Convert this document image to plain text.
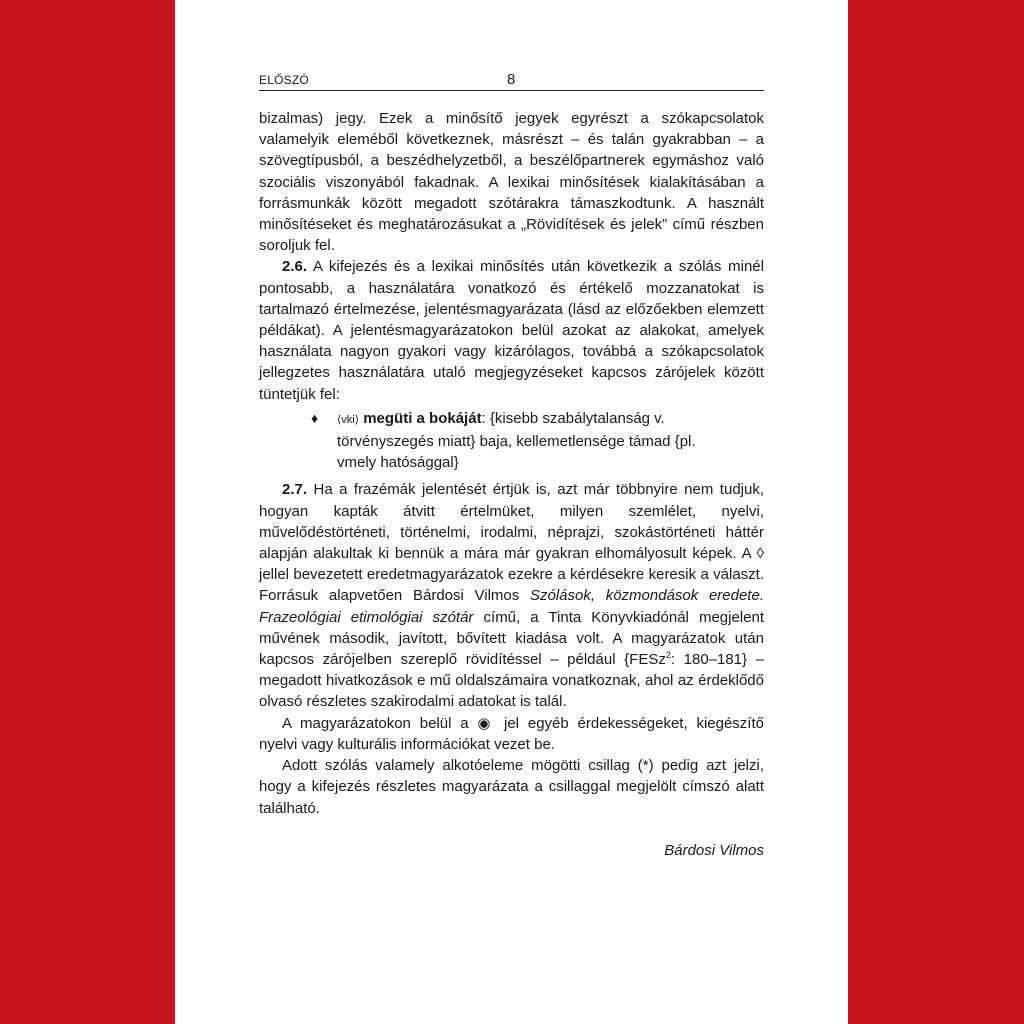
ELŐSZÓ	8

bizalmas) jegy. Ezek a minősítő jegyek egyrészt a szókapcsolatok valamelyik eleméből következnek, másrészt – és talán gyakrabban – a szövegtípusból, a beszédhelyzetből, a beszélőpartnerek egymáshoz való szociális viszonyából fakadnak. A lexikai minősítések kialakításában a forrásmunkák között megadott szótárakra támaszkodtunk. A használt minősítéseket és meghatározásukat a „Rövidítések és jelek” című részben soroljuk fel.

2.6. A kifejezés és a lexikai minősítés után következik a szólás minél pontosabb, a használatára vonatkozó és értékelő mozzanatokat is tartalmazó értelmezése, jelentésmagyarázata (lásd az előzőekben elemzett példákat). A jelentésmagyarázatokon belül azokat az alakokat, amelyek használata nagyon gyakori vagy kizárólagos, továbbá a szókapcsolatok jellegzetes használatára utaló megjegyzéseket kapcsos zárójelek között tüntetjük fel:

♦ ⟨vki⟩ megüti a bokáját: {kisebb szabálytalanság v. törvényszegés miatt} baja, kellemetlensége támad {pl. vmely hatósággal}

2.7. Ha a frazémák jelentését értjük is, azt már többnyire nem tudjuk, hogyan kapták átvitt értelmüket, milyen szemlélet, nyelvi, művelődéstörténeti, történelmi, irodalmi, néprajzi, szokástörténeti háttér alapján alakultak ki bennük a mára már gyakran elhomályosult képek. A ◊ jellel bevezetett eredetmagyarázatok ezekre a kérdésekre keresik a választ. Forrásuk alapvetően Bárdosi Vilmos Szólások, közmondások eredete. Frazeológiai etimológiai szótár című, a Tinta Könyvkiadónál megjelent művének második, javított, bővített kiadása volt. A magyarázatok után kapcsos zárójelben szereplő rövidítéssel – például {FESz$^2$: 180–181} – megadott hivatkozások e mű oldalszámaira vonatkoznak, ahol az érdeklődő olvasó részletes szakirodalmi adatokat is talál.

A magyarázatokon belül a ◉ jel egyéb érdekességeket, kiegészítő nyelvi vagy kulturális információkat vezet be.

Adott szólás valamely alkotóeleme mögötti csillag (*) pedig azt jelzi, hogy a kifejezés részletes magyarázata a csillaggal megjelölt címszó alatt található.

Bárdosi Vilmos
